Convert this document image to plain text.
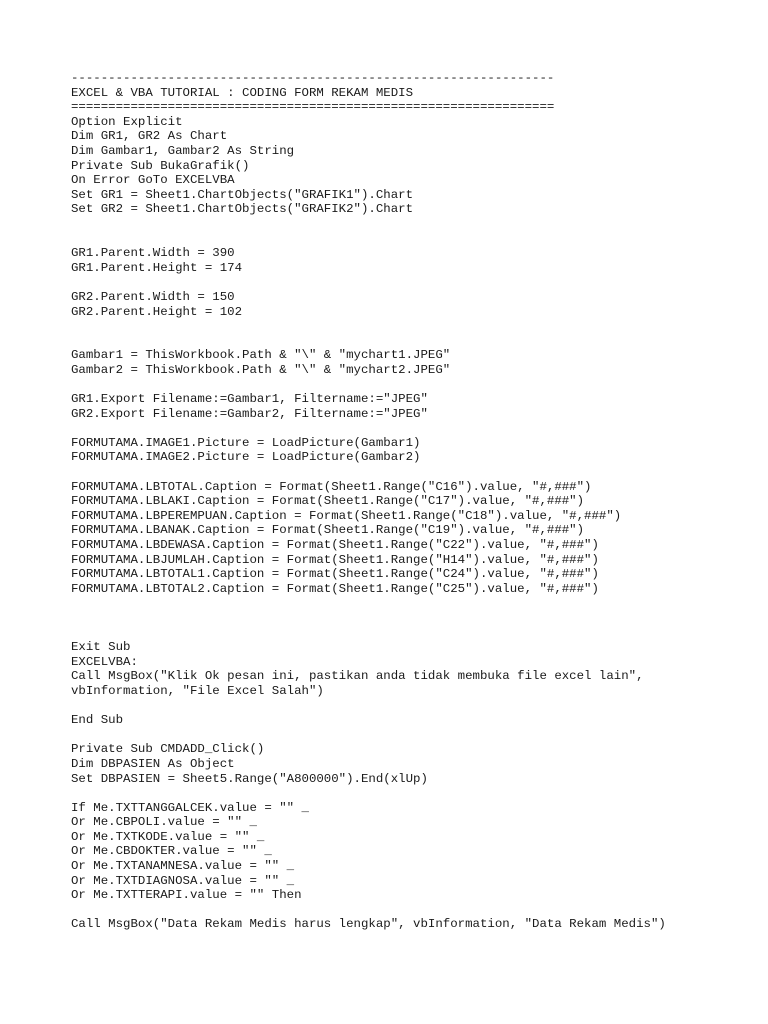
-----------------------------------------------------------------
EXCEL & VBA TUTORIAL : CODING FORM REKAM MEDIS
=================================================================
Option Explicit
Dim GR1, GR2 As Chart
Dim Gambar1, Gambar2 As String
Private Sub BukaGrafik()
On Error GoTo EXCELVBA
Set GR1 = Sheet1.ChartObjects("GRAFIK1").Chart
Set GR2 = Sheet1.ChartObjects("GRAFIK2").Chart
GR1.Parent.Width = 390
GR1.Parent.Height = 174
GR2.Parent.Width = 150
GR2.Parent.Height = 102
Gambar1 = ThisWorkbook.Path & "\" & "mychart1.JPEG"
Gambar2 = ThisWorkbook.Path & "\" & "mychart2.JPEG"
GR1.Export Filename:=Gambar1, Filtername:="JPEG"
GR2.Export Filename:=Gambar2, Filtername:="JPEG"
FORMUTAMA.IMAGE1.Picture = LoadPicture(Gambar1)
FORMUTAMA.IMAGE2.Picture = LoadPicture(Gambar2)
FORMUTAMA.LBTOTAL.Caption = Format(Sheet1.Range("C16").value, "#,###")
FORMUTAMA.LBLAKI.Caption = Format(Sheet1.Range("C17").value, "#,###")
FORMUTAMA.LBPEREMPUAN.Caption = Format(Sheet1.Range("C18").value, "#,###")
FORMUTAMA.LBANAK.Caption = Format(Sheet1.Range("C19").value, "#,###")
FORMUTAMA.LBDEWASA.Caption = Format(Sheet1.Range("C22").value, "#,###")
FORMUTAMA.LBJUMLAH.Caption = Format(Sheet1.Range("H14").value, "#,###")
FORMUTAMA.LBTOTAL1.Caption = Format(Sheet1.Range("C24").value, "#,###")
FORMUTAMA.LBTOTAL2.Caption = Format(Sheet1.Range("C25").value, "#,###")
Exit Sub
EXCELVBA:
Call MsgBox("Klik Ok pesan ini, pastikan anda tidak membuka file excel lain",
vbInformation, "File Excel Salah")
End Sub
Private Sub CMDADD_Click()
Dim DBPASIEN As Object
Set DBPASIEN = Sheet5.Range("A800000").End(xlUp)
If Me.TXTTANGGALCEK.value = "" _
Or Me.CBPOLI.value = "" _
Or Me.TXTKODE.value = "" _
Or Me.CBDOKTER.value = "" _
Or Me.TXTANAMNESA.value = "" _
Or Me.TXTDIAGNOSA.value = "" _
Or Me.TXTTERAPI.value = "" Then
Call MsgBox("Data Rekam Medis harus lengkap", vbInformation, "Data Rekam Medis")
